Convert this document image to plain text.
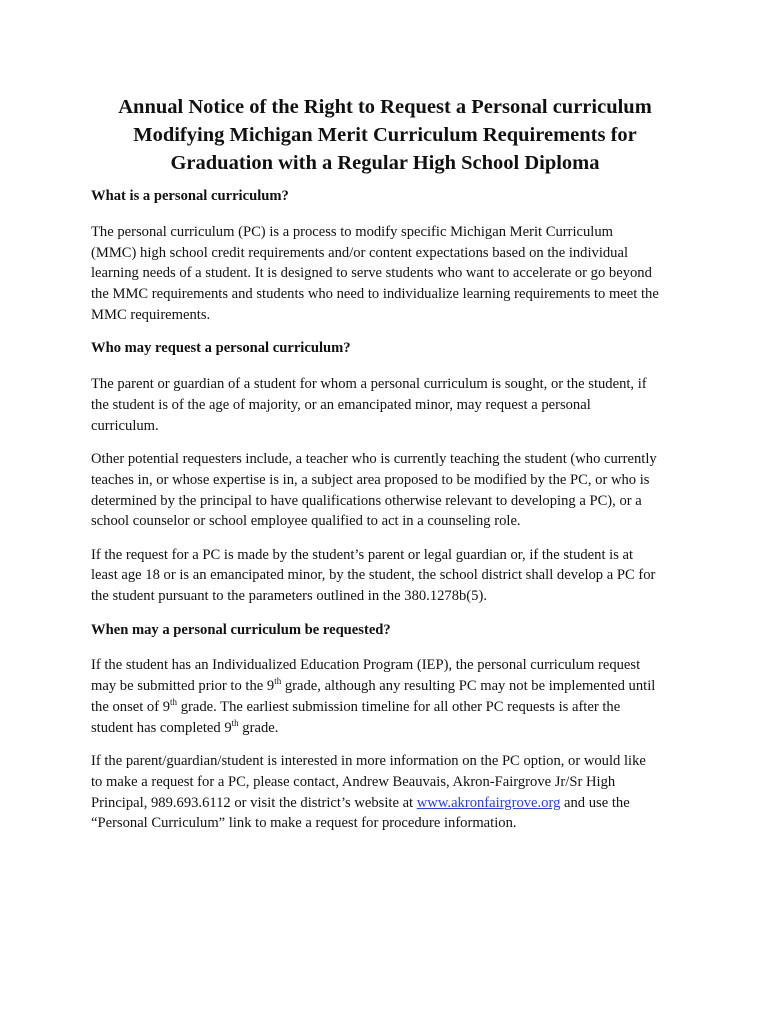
Annual Notice of the Right to Request a Personal curriculum
Modifying Michigan Merit Curriculum Requirements for
Graduation with a Regular High School Diploma
What is a personal curriculum?

The personal curriculum (PC) is a process to modify specific Michigan Merit Curriculum
(MMC) high school credit requirements and/or content expectations based on the individual
learning needs of a student. It is designed to serve students who want to accelerate or go beyond
the MMC requirements and students who need to individualize learning requirements to meet the
MMC requirements.

Who may request a personal curriculum?

The parent or guardian of a student for whom a personal curriculum is sought, or the student, if
the student is of the age of majority, or an emancipated minor, may request a personal
curriculum.

Other potential requesters include, a teacher who is currently teaching the student (who currently
teaches in, or whose expertise is in, a subject area proposed to be modified by the PC, or who is
determined by the principal to have qualifications otherwise relevant to developing a PC), or a
school counselor or school employee qualified to act in a counseling role.

If the request for a PC is made by the student’s parent or legal guardian or, if the student is at
least age 18 or is an emancipated minor, by the student, the school district shall develop a PC for
the student pursuant to the parameters outlined in the 380.1278b(5).

When may a personal curriculum be requested?

If the student has an Individualized Education Program (IEP), the personal curriculum request
may be submitted prior to the 9th grade, although any resulting PC may not be implemented until
the onset of 9th grade. The earliest submission timeline for all other PC requests is after the
student has completed 9th grade.

If the parent/guardian/student is interested in more information on the PC option, or would like
to make a request for a PC, please contact, Andrew Beauvais, Akron-Fairgrove Jr/Sr High
Principal, 989.693.6112 or visit the district’s website at www.akronfairgrove.org and use the
“Personal Curriculum” link to make a request for procedure information.
